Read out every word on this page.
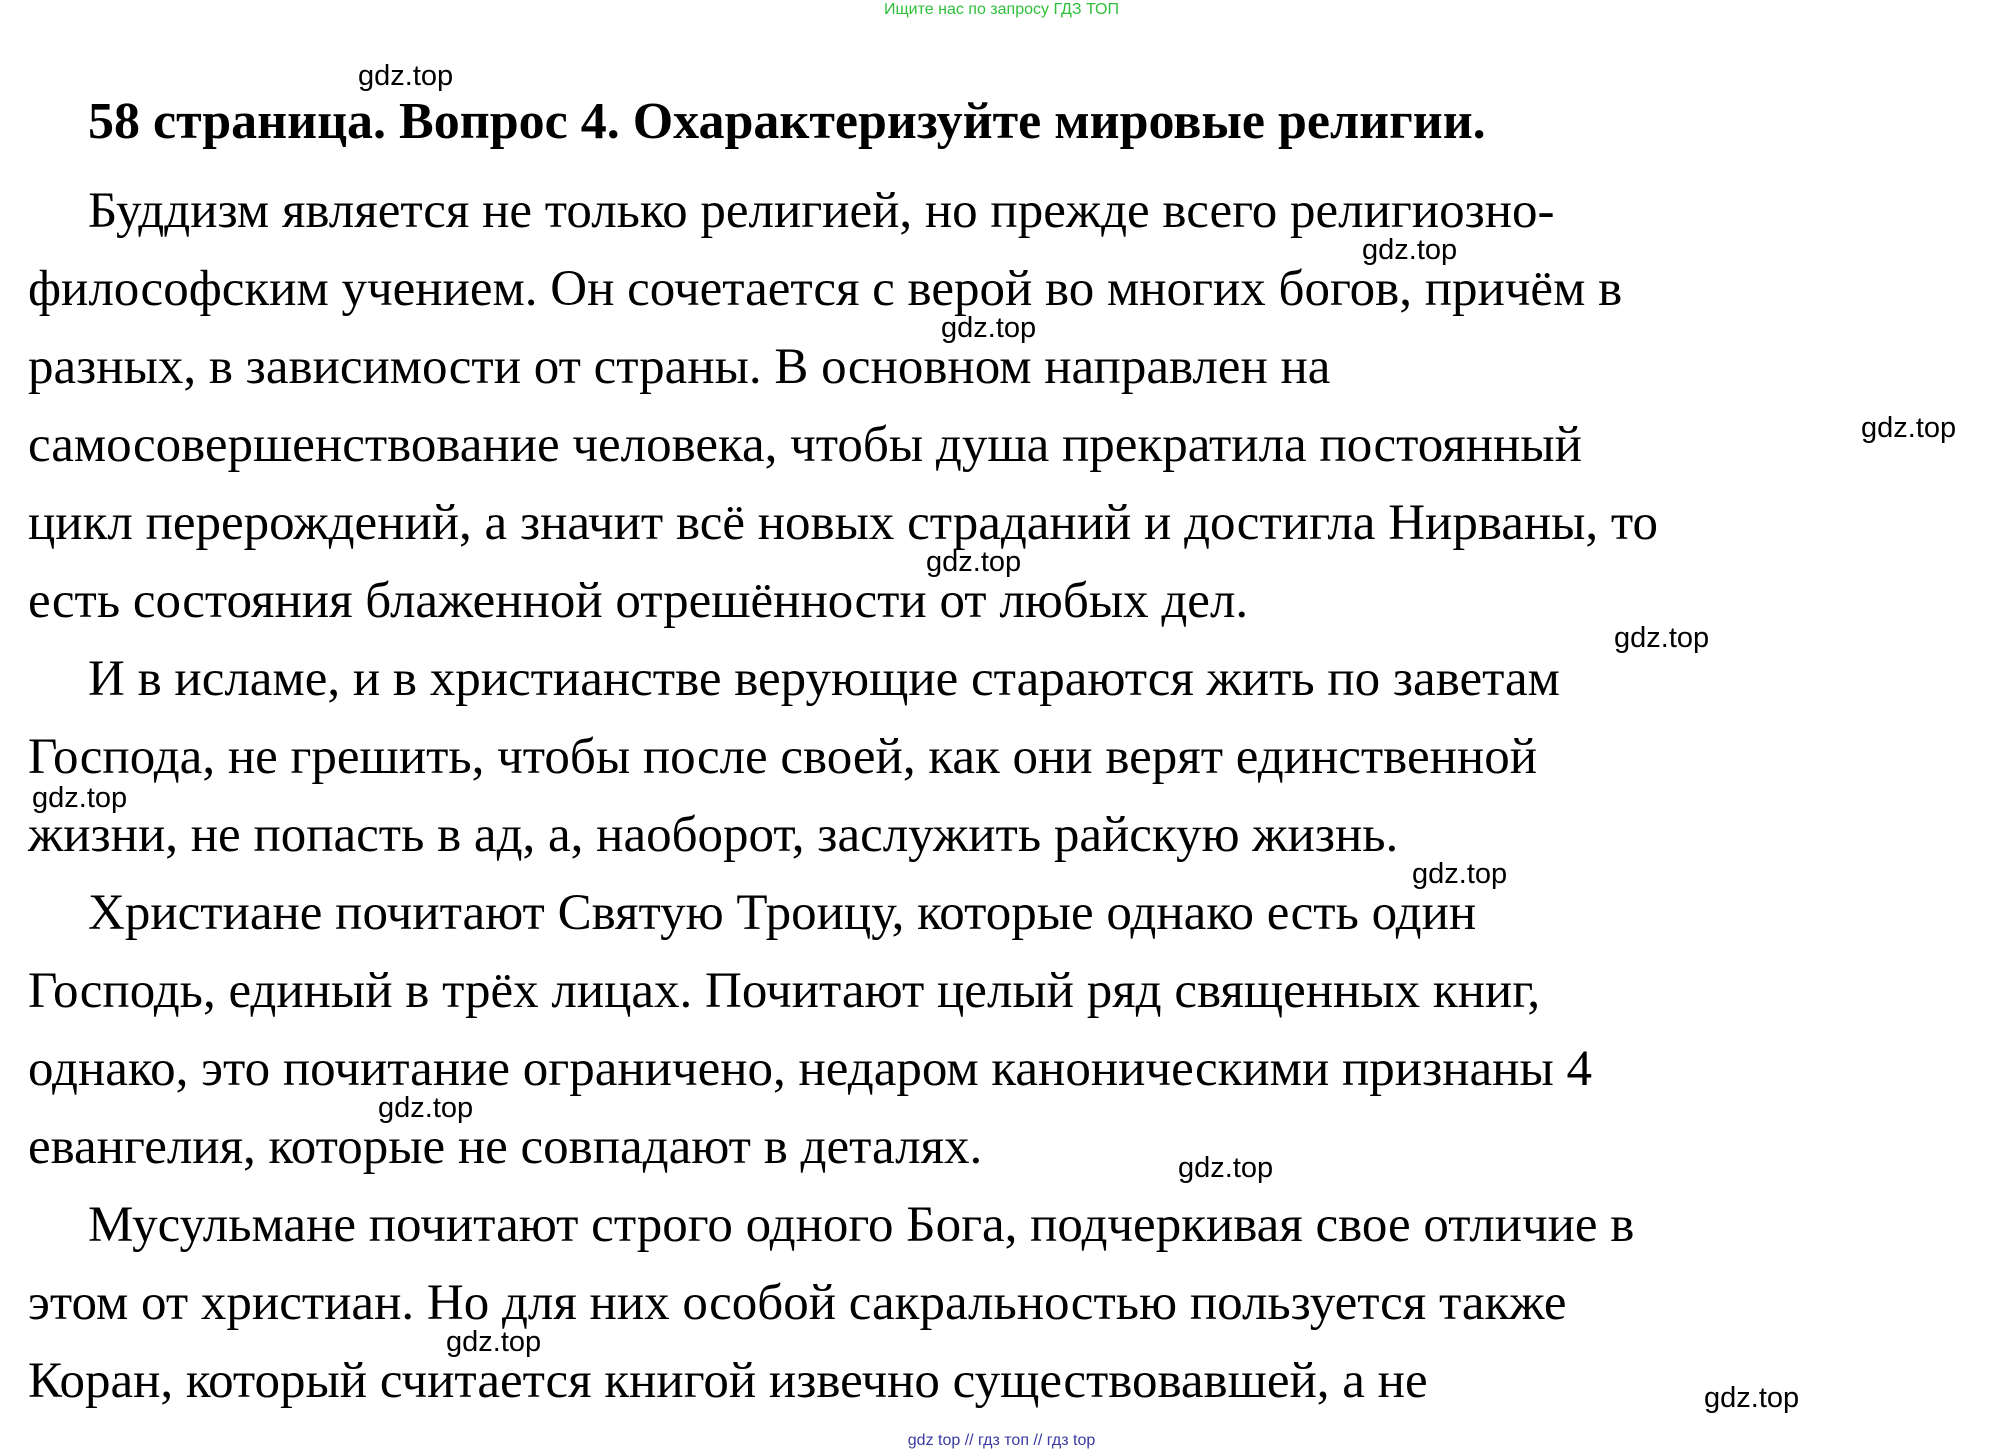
Ищите нас по запросу ГДЗ ТОП
58 страница. Вопрос 4. Охарактеризуйте мировые религии.
Буддизм является не только религией, но прежде всего религиозно-
философским учением. Он сочетается с верой во многих богов, причём в
разных, в зависимости от страны. В основном направлен на
самосовершенствование человека, чтобы душа прекратила постоянный
цикл перерождений, а значит всё новых страданий и достигла Нирваны, то
есть состояния блаженной отрешённости от любых дел.
И в исламе, и в христианстве верующие стараются жить по заветам
Господа, не грешить, чтобы после своей, как они верят единственной
жизни, не попасть в ад, а, наоборот, заслужить райскую жизнь.
Христиане почитают Святую Троицу, которые однако есть один
Господь, единый в трёх лицах. Почитают целый ряд священных книг,
однако, это почитание ограничено, недаром каноническими признаны 4
евангелия, которые не совпадают в деталях.
Мусульмане почитают строго одного Бога, подчеркивая свое отличие в
этом от христиан. Но для них особой сакральностью пользуется также
Коран, который считается книгой извечно существовавшей, а не
gdz.top
gdz.top
gdz.top
gdz.top
gdz.top
gdz.top
gdz.top
gdz.top
gdz.top
gdz.top
gdz.top
gdz.top
gdz top // гдз топ // гдз top
